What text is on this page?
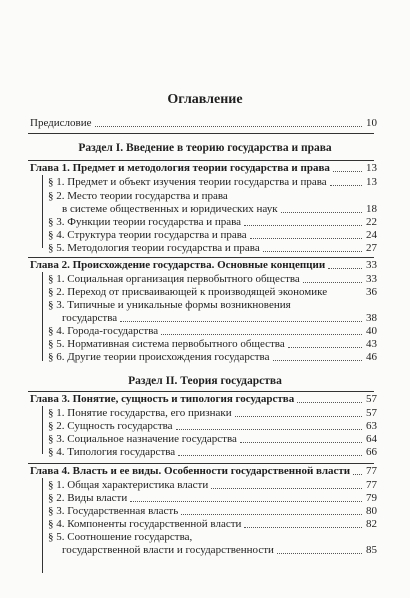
Оглавление
Предисловие	10
Раздел I. Введение в теорию государства и права
Глава 1. Предмет и методология теории государства и права	13
§ 1. Предмет и объект изучения теории государства и права	13
§ 2. Место теории государства и права
в системе общественных и юридических наук	18
§ 3. Функции теории государства и права	22
§ 4. Структура теории государства и права	24
§ 5. Методология теории государства и права	27
Глава 2. Происхождение государства. Основные концепции	33
§ 1. Социальная организация первобытного общества	33
§ 2. Переход от присваивающей к производящей экономике	36
§ 3. Типичные и уникальные формы возникновения
государства	38
§ 4. Города-государства	40
§ 5. Нормативная система первобытного общества	43
§ 6. Другие теории происхождения государства	46
Раздел II. Теория государства
Глава 3. Понятие, сущность и типология государства	57
§ 1. Понятие государства, его признаки	57
§ 2. Сущность государства	63
§ 3. Социальное назначение государства	64
§ 4. Типология государства	66
Глава 4. Власть и ее виды. Особенности государственной власти 77
§ 1. Общая характеристика власти	77
§ 2. Виды власти	79
§ 3. Государственная власть	80
§ 4. Компоненты государственной власти	82
§ 5. Соотношение государства,
государственной власти и государственности	85
